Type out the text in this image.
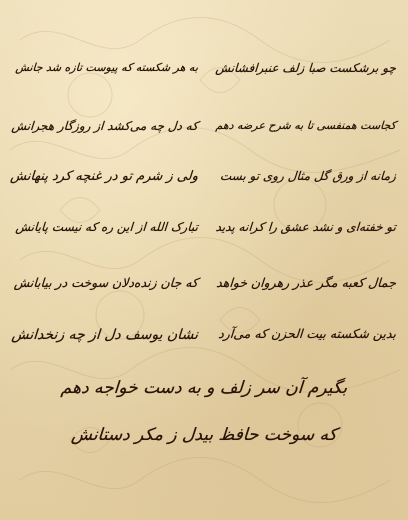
چو برشکست صبا زلف عنبرافشانش
به هر شکسته که پیوست تازه شد جانش
کجاست همنفسی تا به شرح عرضه دهم
که دل چه می‌کشد از روزگار هجرانش
زمانه از ورق گل مثال روی تو بست
ولی ز شرم تو در غنچه کرد پنهانش
تو خفته‌ای و نشد عشق را کرانه پدید
تبارک الله از این ره که نیست پایانش
جمال کعبه مگر عذر رهروان خواهد
که جان زنده‌دلان سوخت در بیابانش
بدین شکسته بیت الحزن که می‌آرد
نشان یوسف دل از چه زنخدانش
بگیرم آن سر زلف و به دست خواجه دهم
که سوخت حافظ بیدل ز مکر دستانش
